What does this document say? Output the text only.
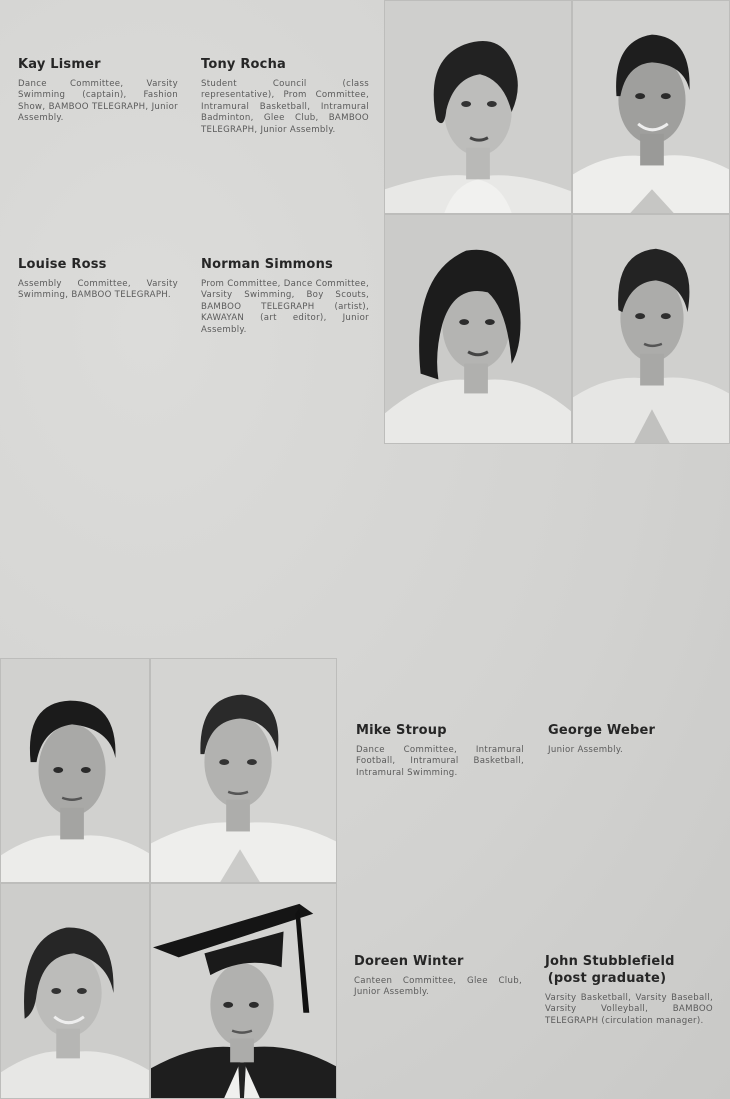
Kay Lismer

Dance Committee, Varsity Swimming (captain), Fashion Show, BAMBOO TELEGRAPH, Junior Assembly.

Tony Rocha

Student Council (class representative), Prom Committee, Intramural Basketball, Intramural Badminton, Glee Club, BAMBOO TELEGRAPH, Junior Assembly.

Louise Ross

Assembly Committee, Varsity Swimming, BAMBOO TELEGRAPH.

Norman Simmons

Prom Committee, Dance Committee, Varsity Swimming, Boy Scouts, BAMBOO TELEGRAPH (artist), KAWAYAN (art editor), Junior Assembly.

Mike Stroup

Dance Committee, Intramural Football, Intramural Basketball, Intramural Swimming.

George Weber

Junior Assembly.

Doreen Winter

Canteen Committee, Glee Club, Junior Assembly.

John Stubblefield

(post graduate)

Varsity Basketball, Varsity Baseball, Varsity Volleyball, BAMBOO TELEGRAPH (circulation manager).
